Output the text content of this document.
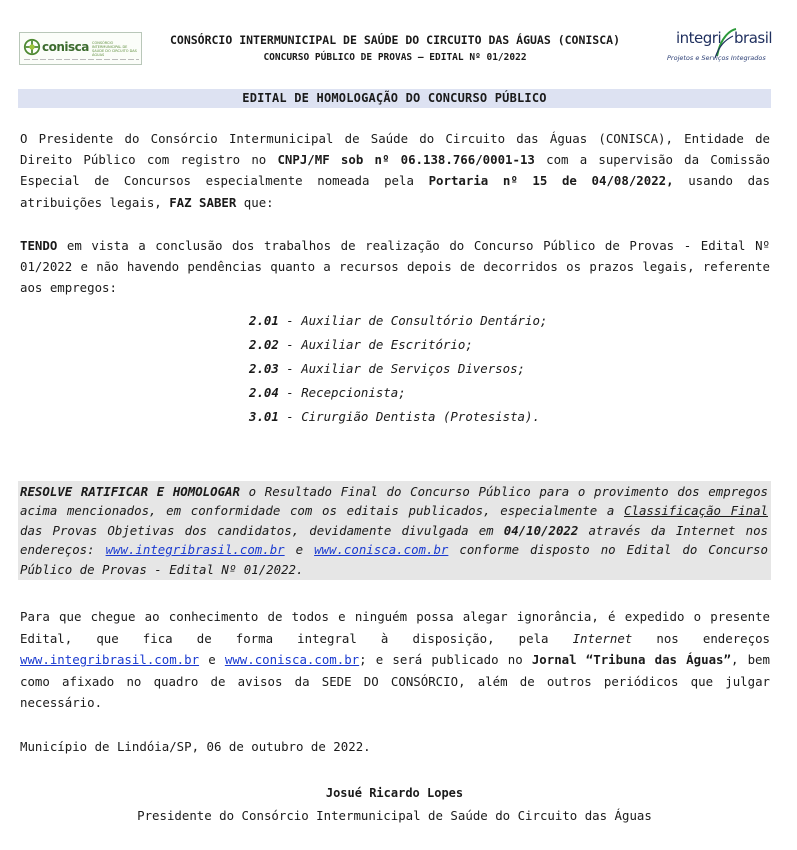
conisca CONSÓRCIO INTERMUNICIPAL DE SAÚDE DO CIRCUITO DAS ÁGUAS
CONSÓRCIO INTERMUNICIPAL DE SAÚDE DO CIRCUITO DAS ÁGUAS (CONISCA)
CONCURSO PÚBLICO DE PROVAS – EDITAL Nº 01/2022
integri brasil
Projetos e Serviços Integrados
EDITAL DE HOMOLOGAÇÃO DO CONCURSO PÚBLICO
O Presidente do Consórcio Intermunicipal de Saúde do Circuito das Águas (CONISCA), Entidade de Direito Público com registro no CNPJ/MF sob nº 06.138.766/0001-13 com a supervisão da Comissão Especial de Concursos especialmente nomeada pela Portaria nº 15 de 04/08/2022, usando das atribuições legais, FAZ SABER que:
TENDO em vista a conclusão dos trabalhos de realização do Concurso Público de Provas - Edital Nº 01/2022 e não havendo pendências quanto a recursos depois de decorridos os prazos legais, referente aos empregos:
2.01 - Auxiliar de Consultório Dentário;
2.02 - Auxiliar de Escritório;
2.03 - Auxiliar de Serviços Diversos;
2.04 - Recepcionista;
3.01 - Cirurgião Dentista (Protesista).
RESOLVE RATIFICAR E HOMOLOGAR o Resultado Final do Concurso Público para o provimento dos empregos acima mencionados, em conformidade com os editais publicados, especialmente a Classificação Final das Provas Objetivas dos candidatos, devidamente divulgada em 04/10/2022 através da Internet nos endereços: www.integribrasil.com.br e www.conisca.com.br conforme disposto no Edital do Concurso Público de Provas - Edital Nº 01/2022.
Para que chegue ao conhecimento de todos e ninguém possa alegar ignorância, é expedido o presente Edital, que fica de forma integral à disposição, pela Internet nos endereços www.integribrasil.com.br e www.conisca.com.br; e será publicado no Jornal “Tribuna das Águas”, bem como afixado no quadro de avisos da SEDE DO CONSÓRCIO, além de outros periódicos que julgar necessário.
Município de Lindóia/SP, 06 de outubro de 2022.
Josué Ricardo Lopes
Presidente do Consórcio Intermunicipal de Saúde do Circuito das Águas
